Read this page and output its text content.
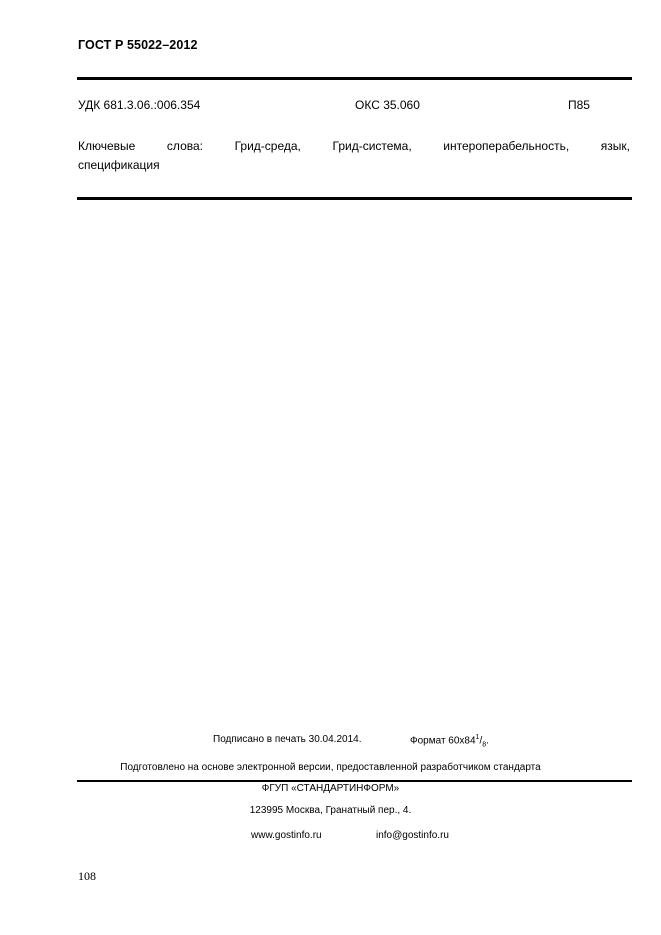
ГОСТ Р 55022–2012
УДК 681.3.06.:006.354	ОКС 35.060	П85
Ключевые слова: Грид-среда, Грид-система, интероперабельность, язык,
спецификация
Подписано в печать 30.04.2014.	Формат $60x84^1/_8$.
Подготовлено на основе электронной версии, предоставленной разработчиком стандарта
ФГУП «СТАНДАРТИНФОРМ»
123995 Москва, Гранатный пер., 4.
www.gostinfo.ru	info@gostinfo.ru
108
